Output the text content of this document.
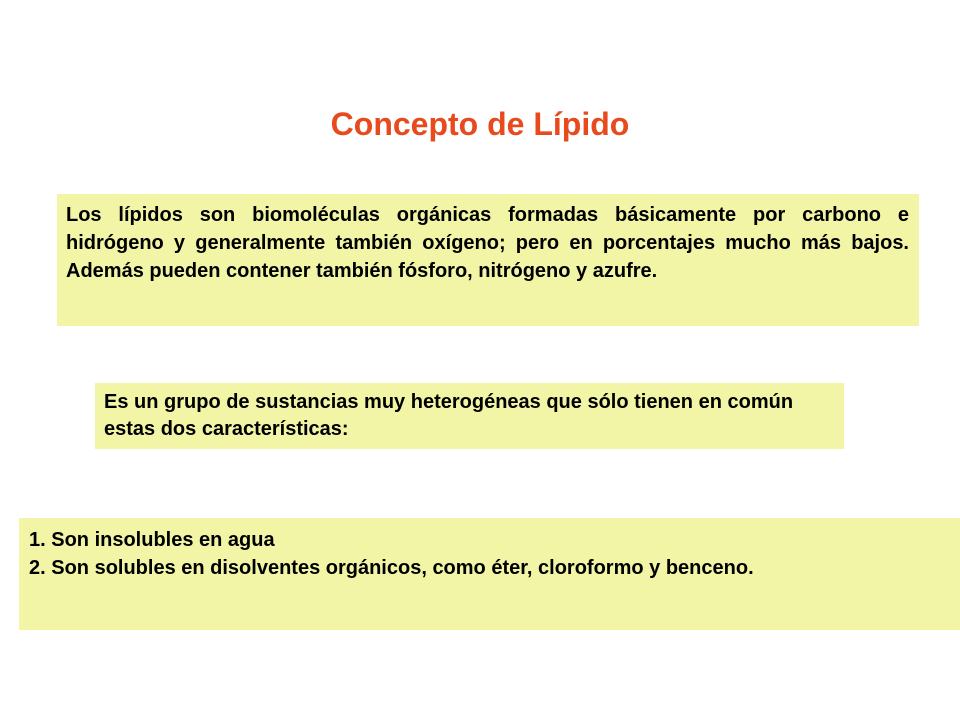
Concepto de Lípido

Los lípidos son biomoléculas orgánicas formadas básicamente por carbono e hidrógeno y generalmente también oxígeno; pero en porcentajes mucho más bajos. Además pueden contener también fósforo, nitrógeno y azufre.

Es un grupo de sustancias muy heterogéneas que sólo tienen en común estas dos características:

1. Son insolubles en agua
2. Son solubles en disolventes orgánicos, como éter, cloroformo y benceno.
